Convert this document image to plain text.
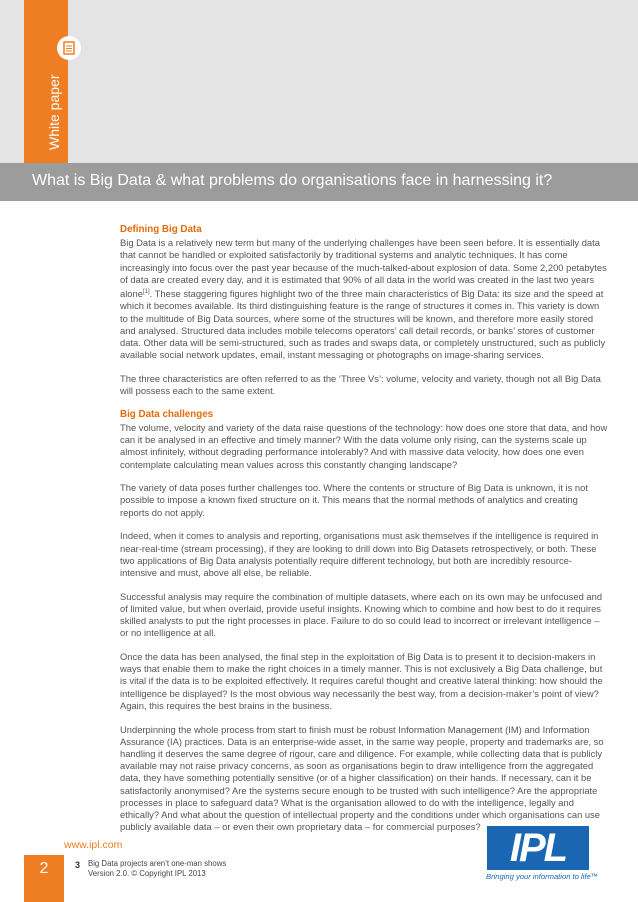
White paper
What is Big Data & what problems do organisations face in harnessing it?
Defining Big Data

Big Data is a relatively new term but many of the underlying challenges have been seen before. It is essentially data that cannot be handled or exploited satisfactorily by traditional systems and analytic techniques. It has come increasingly into focus over the past year because of the much-talked-about explosion of data. Some 2,200 petabytes of data are created every day, and it is estimated that 90% of all data in the world was created in the last two years alone[1]. These staggering figures highlight two of the three main characteristics of Big Data: its size and the speed at which it becomes available. Its third distinguishing feature is the range of structures it comes in. This variety is down to the multitude of Big Data sources, where some of the structures will be known, and therefore more easily stored and analysed. Structured data includes mobile telecoms operators’ call detail records, or banks’ stores of customer data. Other data will be semi-structured, such as trades and swaps data, or completely unstructured, such as publicly available social network updates, email, instant messaging or photographs on image-sharing services.

The three characteristics are often referred to as the ‘Three Vs’: volume, velocity and variety, though not all Big Data will possess each to the same extent.

Big Data challenges

The volume, velocity and variety of the data raise questions of the technology: how does one store that data, and how can it be analysed in an effective and timely manner? With the data volume only rising, can the systems scale up almost infinitely, without degrading performance intolerably? And with massive data velocity, how does one even contemplate calculating mean values across this constantly changing landscape?

The variety of data poses further challenges too. Where the contents or structure of Big Data is unknown, it is not possible to impose a known fixed structure on it. This means that the normal methods of analytics and creating reports do not apply.

Indeed, when it comes to analysis and reporting, organisations must ask themselves if the intelligence is required in near-real-time (stream processing), if they are looking to drill down into Big Datasets retrospectively, or both. These two applications of Big Data analysis potentially require different technology, but both are incredibly resource-intensive and must, above all else, be reliable.

Successful analysis may require the combination of multiple datasets, where each on its own may be unfocused and of limited value, but when overlaid, provide useful insights. Knowing which to combine and how best to do it requires skilled analysts to put the right processes in place. Failure to do so could lead to incorrect or irrelevant intelligence – or no intelligence at all.

Once the data has been analysed, the final step in the exploitation of Big Data is to present it to decision-makers in ways that enable them to make the right choices in a timely manner. This is not exclusively a Big Data challenge, but is vital if the data is to be exploited effectively. It requires careful thought and creative lateral thinking: how should the intelligence be displayed? Is the most obvious way necessarily the best way, from a decision-maker’s point of view? Again, this requires the best brains in the business.

Underpinning the whole process from start to finish must be robust Information Management (IM) and Information Assurance (IA) practices. Data is an enterprise-wide asset, in the same way people, property and trademarks are, so handling it deserves the same degree of rigour, care and diligence. For example, while collecting data that is publicly available may not raise privacy concerns, as soon as organisations begin to draw intelligence from the aggregated data, they have something potentially sensitive (or of a higher classification) on their hands. If necessary, can it be satisfactorily anonymised? Are the systems secure enough to be trusted with such intelligence? Are the appropriate processes in place to safeguard data? What is the organisation allowed to do with the intelligence, legally and ethically? And what about the question of intellectual property and the conditions under which organisations can use publicly available data – or even their own proprietary data – for commercial purposes?

www.ipl.com
2	3 Big Data projects aren’t one-man shows
Version 2.0. © Copyright IPL 2013
IPL
Bringing your information to life™
